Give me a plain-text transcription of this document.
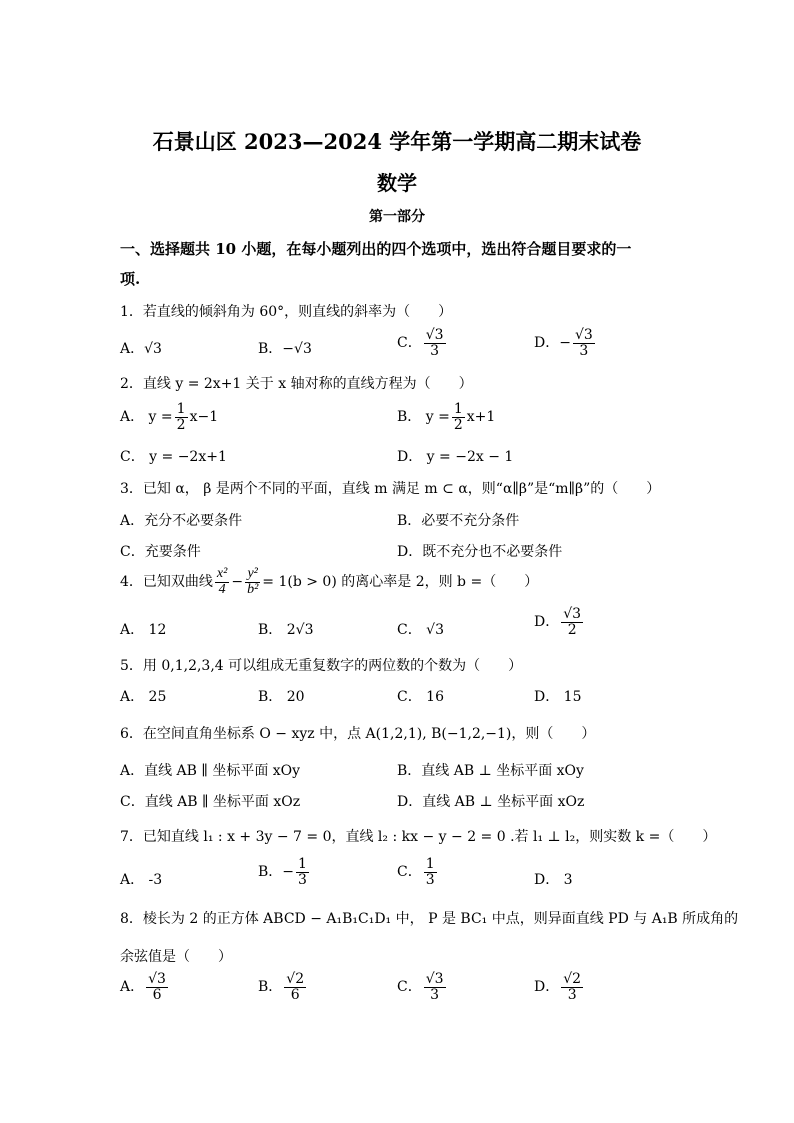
石景山区 2023—2024 学年第一学期高二期末试卷
数学
第一部分
一、选择题共 10 小题，在每小题列出的四个选项中，选出符合题目要求的一
项.
1．若直线的倾斜角为 60°，则直线的斜率为（　　）
A．√3	B．−√3	C． $\frac{√3}{3}$	D．− $\frac{√3}{3}$
2．直线 y = 2x+1 关于 x 轴对称的直线方程为（　　）
A． $y = \frac{1}{2} x-1$	B． $y = \frac{1}{2} x+1$
C． y = −2x+1	D． y = −2x − 1
3．已知 α， β 是两个不同的平面，直线 m 满足 m ⊂ α，则“α∥β”是“m∥β”的（　　）
A．充分不必要条件	B．必要不充分条件
C．充要条件	D．既不充分也不必要条件
4．已知双曲线 $\frac{\text{x²}}{4} - \frac{\text{y²}}{\text{b²}} = 1(b > 0)$ 的离心率是 2，则 b =（　　）
A． 12	B． 2√3	C． √3	D． $\frac{√3}{2}$
5．用 0,1,2,3,4 可以组成无重复数字的两位数的个数为（　　）
A． 25	B． 20	C． 16	D． 15
6．在空间直角坐标系 O − xyz 中，点 A(1,2,1), B(−1,2,−1)，则（　　）
A．直线 AB ∥ 坐标平面 xOy	B．直线 AB ⊥ 坐标平面 xOy
C．直线 AB ∥ 坐标平面 xOz	D．直线 AB ⊥ 坐标平面 xOz
7．已知直线 l₁ : x + 3y − 7 = 0，直线 l₂ : kx − y − 2 = 0 .若 l₁ ⊥ l₂，则实数 k =（　　）
A． -3	B．− $\frac{1}{3}$	C． $\frac{1}{3}$	D． 3
8．棱长为 2 的正方体 ABCD − A₁B₁C₁D₁ 中， P 是 BC₁ 中点，则异面直线 PD 与 A₁B 所成角的
余弦值是（　　）
A． $\frac{√3}{6}$	B． $\frac{√2}{6}$	C． $\frac{√3}{3}$	D． $\frac{√2}{3}$
